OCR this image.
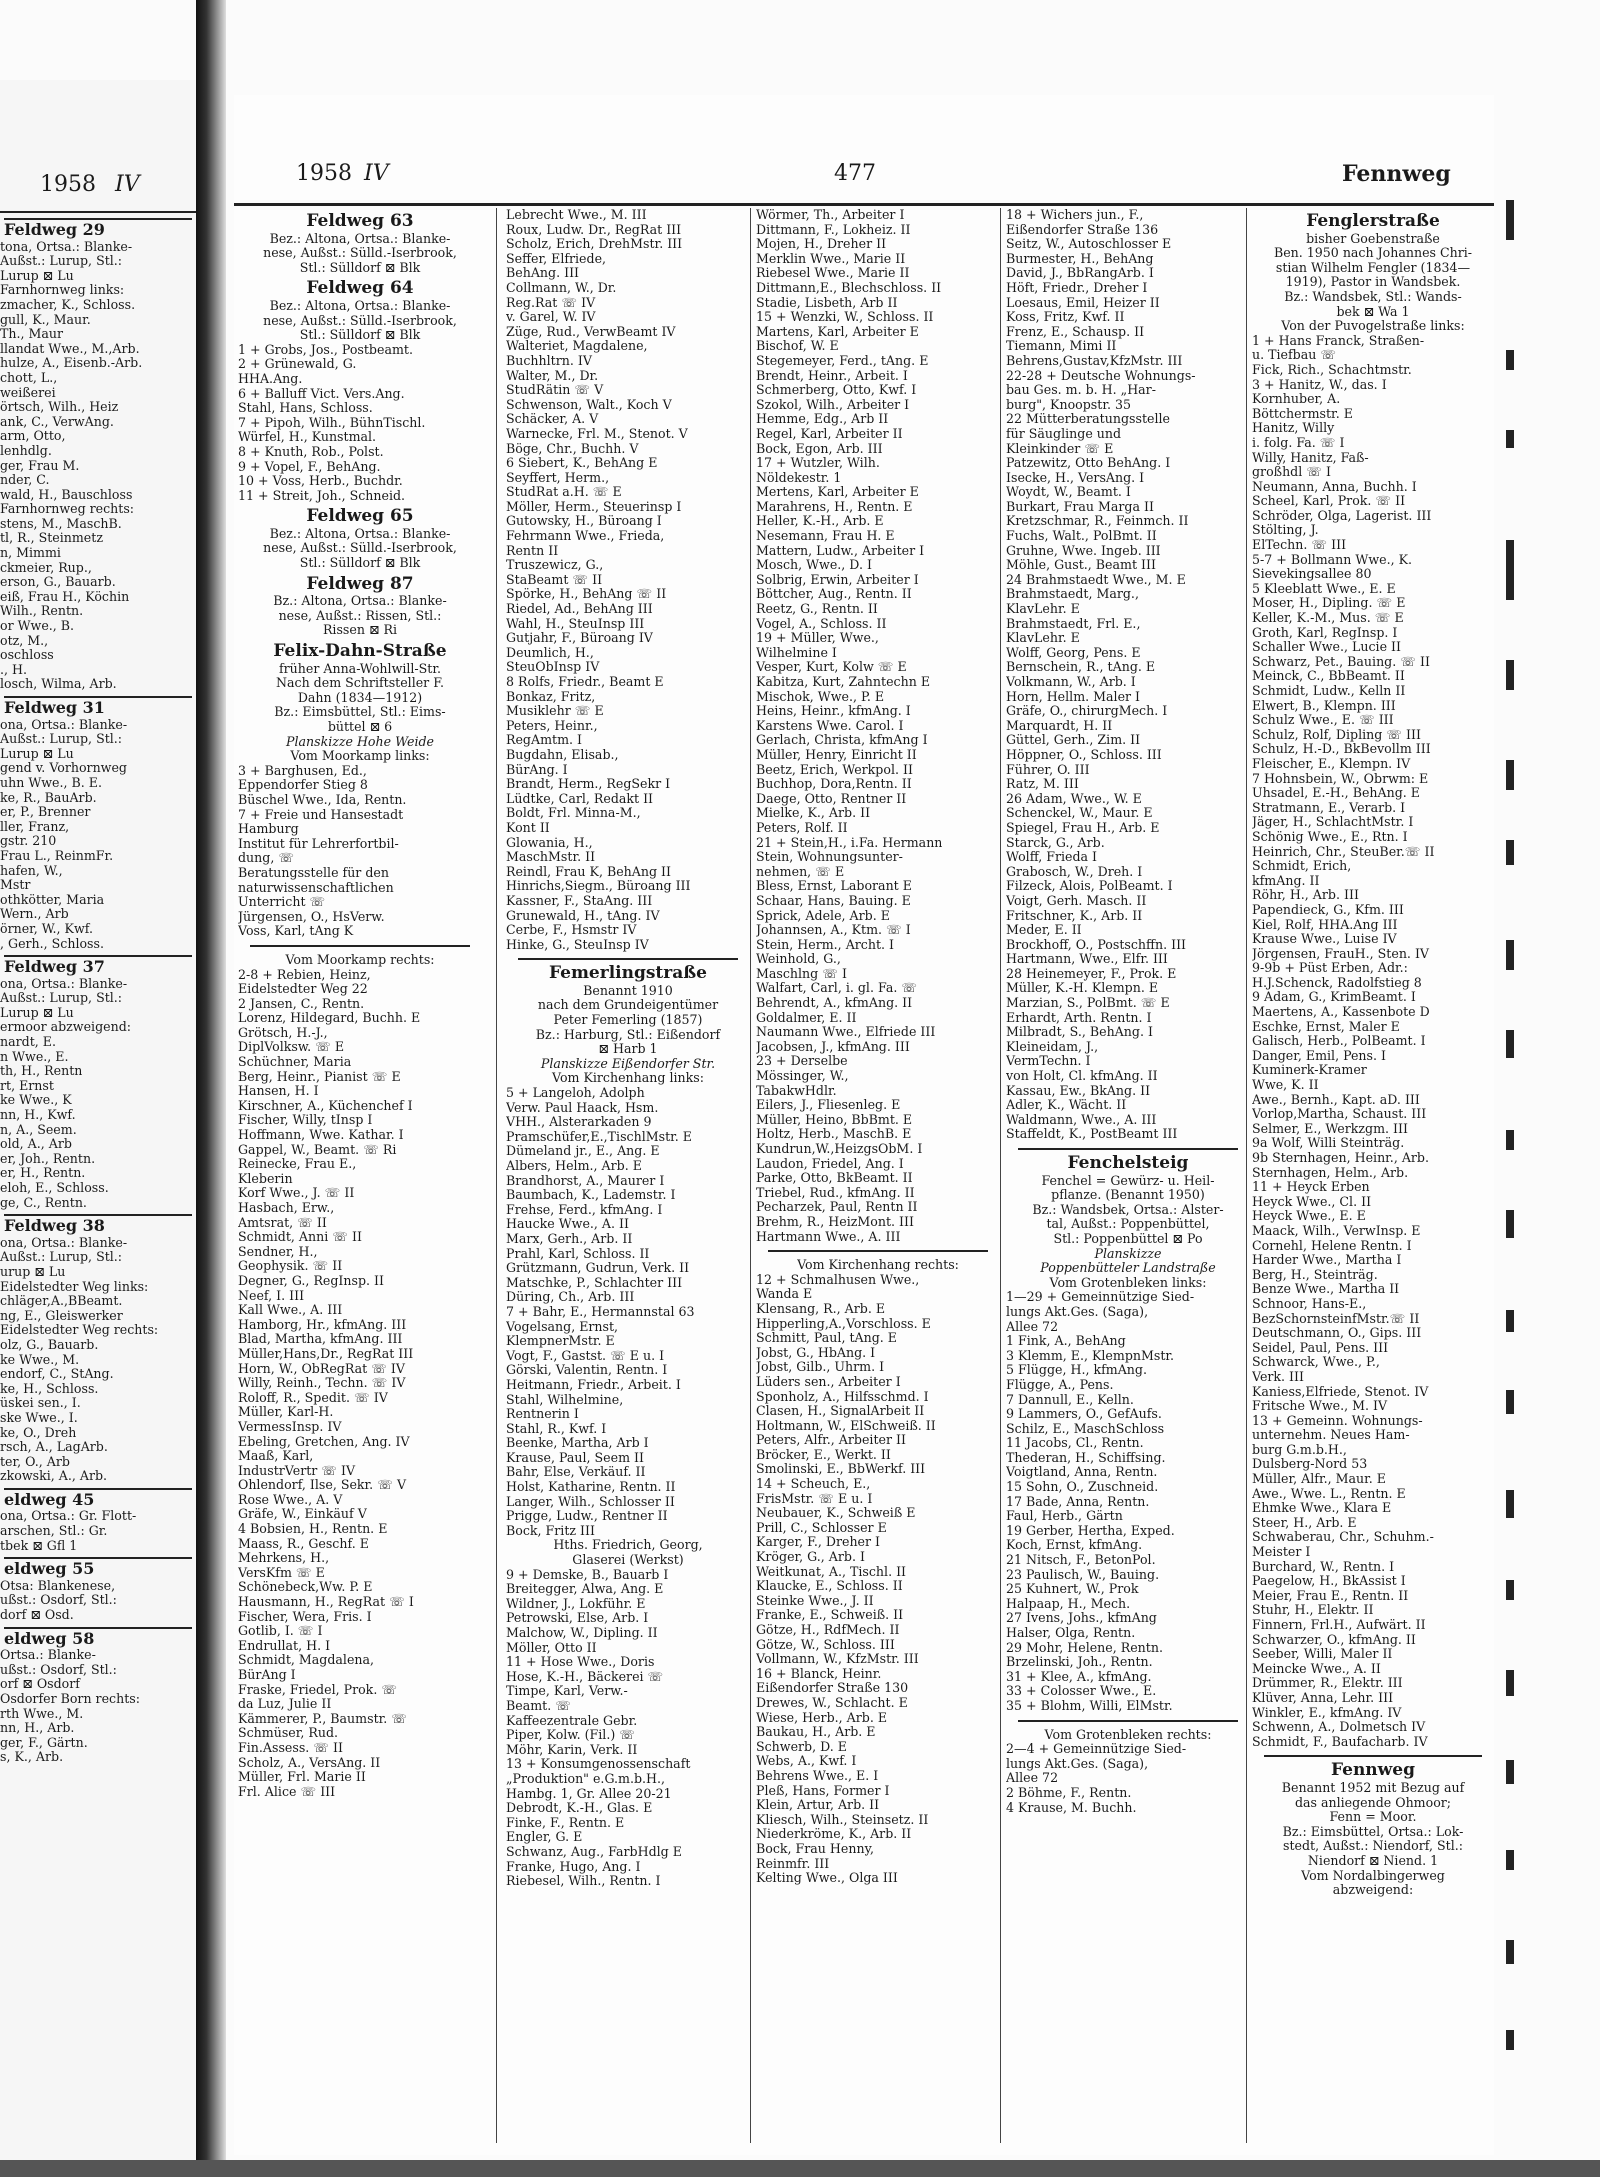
1958 IV
Feldweg 29
tona, Ortsa.: Blanke-
Außst.: Lurup, Stl.:
Lurup ⊠ Lu
Farnhornweg links:
zmacher, K., Schloss.
gull, K., Maur.
Th., Maur
llandat Wwe., M.,Arb.
hulze, A., Eisenb.-Arb.
chott, L.,
weißerei
örtsch, Wilh., Heiz
ank, C., VerwAng.
arm, Otto,
lenhdlg.
ger, Frau M.
nder, C.
wald, H., Bauschloss
Farnhornweg rechts:
stens, M., MaschB.
tl, R., Steinmetz
n, Mimmi
ckmeier, Rup.,
erson, G., Bauarb.
eiß, Frau H., Köchin
Wilh., Rentn.
or Wwe., B.
otz, M.,
oschloss
., H.
losch, Wilma, Arb.
Feldweg 31
ona, Ortsa.: Blanke-
Außst.: Lurup, Stl.:
Lurup ⊠ Lu
gend v. Vorhornweg
uhn Wwe., B. E.
ke, R., BauArb.
er, P., Brenner
ller, Franz,
gstr. 210
Frau L., ReinmFr.
hafen, W.,
Mstr
othkötter, Maria
Wern., Arb
örner, W., Kwf.
, Gerh., Schloss.
Feldweg 37
ona, Ortsa.: Blanke-
Außst.: Lurup, Stl.:
Lurup ⊠ Lu
ermoor abzweigend:
nardt, E.
n Wwe., E.
th, H., Rentn
rt, Ernst
ke Wwe., K
nn, H., Kwf.
n, A., Seem.
old, A., Arb
er, Joh., Rentn.
er, H., Rentn.
eloh, E., Schloss.
ge, C., Rentn.
Feldweg 38
ona, Ortsa.: Blanke-
Außst.: Lurup, Stl.:
urup ⊠ Lu
Eidelstedter Weg links:
chläger,A.,BBeamt.
ng, E., Gleiswerker
Eidelstedter Weg rechts:
olz, G., Bauarb.
ke Wwe., M.
endorf, C., StAng.
ke, H., Schloss.
üskei sen., I.
ske Wwe., I.
ke, O., Dreh
rsch, A., LagArb.
ter, O., Arb
zkowski, A., Arb.
eldweg 45
ona, Ortsa.: Gr. Flott-
arschen, Stl.: Gr.
tbek ⊠ Gfl 1
eldweg 55
Otsa: Blankenese,
ußst.: Osdorf, Stl.:
dorf ⊠ Osd.
eldweg 58
Ortsa.: Blanke-
ußst.: Osdorf, Stl.:
orf ⊠ Osdorf
Osdorfer Born rechts:
rth Wwe., M.
nn, H., Arb.
ger, F., Gärtn.
s, K., Arb.
1958 IV	477	Fennweg
Feldweg 63
Bez.: Altona, Ortsa.: Blanke-
nese, Außst.: Sülld.-Iserbrook,
Stl.: Sülldorf ⊠ Blk
Feldweg 64
Bez.: Altona, Ortsa.: Blanke-
nese, Außst.: Sülld.-Iserbrook,
Stl.: Sülldorf ⊠ Blk
1 + Grobs, Jos., Postbeamt.
2 + Grünewald, G.
HHA.Ang.
6 + Balluff Vict. Vers.Ang.
Stahl, Hans, Schloss.
7 + Pipoh, Wilh., BühnTischl.
Würfel, H., Kunstmal.
8 + Knuth, Rob., Polst.
9 + Vopel, F., BehAng.
10 + Voss, Herb., Buchdr.
11 + Streit, Joh., Schneid.
Feldweg 65
Bez.: Altona, Ortsa.: Blanke-
nese, Außst.: Sülld.-Iserbrook,
Stl.: Sülldorf ⊠ Blk
Feldweg 87
Bz.: Altona, Ortsa.: Blanke-
nese, Außst.: Rissen, Stl.:
Rissen ⊠ Ri
Felix-Dahn-Straße
früher Anna-Wohlwill-Str.
Nach dem Schriftsteller F.
Dahn (1834—1912)
Bz.: Eimsbüttel, Stl.: Eims-
büttel ⊠ 6
Planskizze Hohe Weide
Vom Moorkamp links:
3 + Barghusen, Ed.,
Eppendorfer Stieg 8
Büschel Wwe., Ida, Rentn.
7 + Freie und Hansestadt
Hamburg
Institut für Lehrerfortbil-
dung, ☏
Beratungsstelle für den
naturwissenschaftlichen
Unterricht ☏
Jürgensen, O., HsVerw.
Voss, Karl, tAng K
Vom Moorkamp rechts:
2-8 + Rebien, Heinz,
Eidelstedter Weg 22
2 Jansen, C., Rentn.
Lorenz, Hildegard, Buchh. E
Grötsch, H.-J.,
DiplVolksw. ☏ E
Schüchner, Maria
Berg, Heinr., Pianist ☏ E
Hansen, H. I
Kirschner, A., Küchenchef I
Fischer, Willy, tInsp I
Hoffmann, Wwe. Kathar. I
Gappel, W., Beamt. ☏ Ri
Reinecke, Frau E.,
Kleberin
Korf Wwe., J. ☏ II
Hasbach, Erw.,
Amtsrat, ☏ II
Schmidt, Anni ☏ II
Sendner, H.,
Geophysik. ☏ II
Degner, G., RegInsp. II
Neef, I. III
Kall Wwe., A. III
Hamborg, Hr., kfmAng. III
Blad, Martha, kfmAng. III
Müller,Hans,Dr., RegRat III
Horn, W., ObRegRat ☏ IV
Willy, Reinh., Techn. ☏ IV
Roloff, R., Spedit. ☏ IV
Müller, Karl-H.
VermessInsp. IV
Ebeling, Gretchen, Ang. IV
Maaß, Karl,
IndustrVertr ☏ IV
Ohlendorf, Ilse, Sekr. ☏ V
Rose Wwe., A. V
Gräfe, W., Einkäuf V
4 Bobsien, H., Rentn. E
Maass, R., Geschf. E
Mehrkens, H.,
VersKfm ☏ E
Schönebeck,Ww. P. E
Hausmann, H., RegRat ☏ I
Fischer, Wera, Fris. I
Gotlib, I. ☏ I
Endrullat, H. I
Schmidt, Magdalena,
BürAng I
Fraske, Friedel, Prok. ☏
da Luz, Julie II
Kämmerer, P., Baumstr. ☏
Schmüser, Rud.
Fin.Assess. ☏ II
Scholz, A., VersAng. II
Müller, Frl. Marie II
Frl. Alice ☏ III
Lebrecht Wwe., M. III
Roux, Ludw. Dr., RegRat III
Scholz, Erich, DrehMstr. III
Seffer, Elfriede,
BehAng. III
Collmann, W., Dr.
Reg.Rat ☏ IV
v. Garel, W. IV
Züge, Rud., VerwBeamt IV
Walteriet, Magdalene,
Buchhltrn. IV
Walter, M., Dr.
StudRätin ☏ V
Schwenson, Walt., Koch V
Schäcker, A. V
Warnecke, Frl. M., Stenot. V
Böge, Chr., Buchh. V
6 Siebert, K., BehAng E
Seyffert, Herm.,
StudRat a.H. ☏ E
Möller, Herm., Steuerinsp I
Gutowsky, H., Büroang I
Fehrmann Wwe., Frieda,
Rentn II
Truszewicz, G.,
StaBeamt ☏ II
Spörke, H., BehAng ☏ II
Riedel, Ad., BehAng III
Wahl, H., SteuInsp III
Gutjahr, F., Büroang IV
Deumlich, H.,
SteuObInsp IV
8 Rolfs, Friedr., Beamt E
Bonkaz, Fritz,
Musiklehr ☏ E
Peters, Heinr.,
RegAmtm. I
Bugdahn, Elisab.,
BürAng. I
Brandt, Herm., RegSekr I
Lüdtke, Carl, Redakt II
Boldt, Frl. Minna-M.,
Kont II
Glowania, H.,
MaschMstr. II
Reindl, Frau K, BehAng II
Hinrichs,Siegm., Büroang III
Kassner, F., StaAng. III
Grunewald, H., tAng. IV
Cerbe, F., Hsmstr IV
Hinke, G., SteuInsp IV
Femerlingstraße
Benannt 1910
nach dem Grundeigentümer
Peter Femerling (1857)
Bz.: Harburg, Stl.: Eißendorf
⊠ Harb 1
Planskizze Eißendorfer Str.
Vom Kirchenhang links:
5 + Langeloh, Adolph
Verw. Paul Haack, Hsm.
VHH., Alsterarkaden 9
Pramschüfer,E.,TischlMstr. E
Dümeland jr., E., Ang. E
Albers, Helm., Arb. E
Brandhorst, A., Maurer I
Baumbach, K., Lademstr. I
Frehse, Ferd., kfmAng. I
Haucke Wwe., A. II
Marx, Gerh., Arb. II
Prahl, Karl, Schloss. II
Grützmann, Gudrun, Verk. II
Matschke, P., Schlachter III
Düring, Ch., Arb. III
7 + Bahr, E., Hermannstal 63
Vogelsang, Ernst,
KlempnerMstr. E
Vogt, F., Gastst. ☏ E u. I
Görski, Valentin, Rentn. I
Heitmann, Friedr., Arbeit. I
Stahl, Wilhelmine,
Rentnerin I
Stahl, R., Kwf. I
Beenke, Martha, Arb I
Krause, Paul, Seem II
Bahr, Else, Verkäuf. II
Holst, Katharine, Rentn. II
Langer, Wilh., Schlosser II
Prigge, Ludw., Rentner II
Bock, Fritz III
Hths. Friedrich, Georg,
Glaserei (Werkst)
9 + Demske, B., Bauarb I
Breitegger, Alwa, Ang. E
Wildner, J., Lokführ. E
Petrowski, Else, Arb. I
Malchow, W., Dipling. II
Möller, Otto II
11 + Hose Wwe., Doris
Hose, K.-H., Bäckerei ☏
Timpe, Karl, Verw.-
Beamt. ☏
Kaffeezentrale Gebr.
Piper, Kolw. (Fil.) ☏
Möhr, Karin, Verk. II
13 + Konsumgenossenschaft
„Produktion" e.G.m.b.H.,
Hambg. 1, Gr. Allee 20-21
Debrodt, K.-H., Glas. E
Finke, F., Rentn. E
Engler, G. E
Schwanz, Aug., FarbHdlg E
Franke, Hugo, Ang. I
Riebesel, Wilh., Rentn. I
Wörmer, Th., Arbeiter I
Dittmann, F., Lokheiz. II
Mojen, H., Dreher II
Merklin Wwe., Marie II
Riebesel Wwe., Marie II
Dittmann,E., Blechschloss. II
Stadie, Lisbeth, Arb II
15 + Wenzki, W., Schloss. II
Martens, Karl, Arbeiter E
Bischof, W. E
Stegemeyer, Ferd., tAng. E
Brendt, Heinr., Arbeit. I
Schmerberg, Otto, Kwf. I
Szokol, Wilh., Arbeiter I
Hemme, Edg., Arb II
Regel, Karl, Arbeiter II
Bock, Egon, Arb. III
17 + Wutzler, Wilh.
Nöldekestr. 1
Mertens, Karl, Arbeiter E
Marahrens, H., Rentn. E
Heller, K.-H., Arb. E
Nesemann, Frau H. E
Mattern, Ludw., Arbeiter I
Mosch, Wwe., D. I
Solbrig, Erwin, Arbeiter I
Böttcher, Aug., Rentn. II
Reetz, G., Rentn. II
Vogel, A., Schloss. II
19 + Müller, Wwe.,
Wilhelmine I
Vesper, Kurt, Kolw ☏ E
Kabitza, Kurt, Zahntechn E
Mischok, Wwe., P. E
Heins, Heinr., kfmAng. I
Karstens Wwe. Carol. I
Gerlach, Christa, kfmAng I
Müller, Henry, Einricht II
Beetz, Erich, Werkpol. II
Buchhop, Dora,Rentn. II
Daege, Otto, Rentner II
Mielke, K., Arb. II
Peters, Rolf. II
21 + Stein,H., i.Fa. Hermann
Stein, Wohnungsunter-
nehmen, ☏ E
Bless, Ernst, Laborant E
Schaar, Hans, Bauing. E
Sprick, Adele, Arb. E
Johannsen, A., Ktm. ☏ I
Stein, Herm., Archt. I
Weinhold, G.,
Maschlng ☏ I
Walfart, Carl, i. gl. Fa. ☏
Behrendt, A., kfmAng. II
Goldalmer, E. II
Naumann Wwe., Elfriede III
Jacobsen, J., kfmAng. III
23 + Derselbe
Mössinger, W.,
TabakwHdlr.
Eilers, J., Fliesenleg. E
Müller, Heino, BbBmt. E
Holtz, Herb., MaschB. E
Kundrun,W.,HeizgsObM. I
Laudon, Friedel, Ang. I
Parke, Otto, BkBeamt. II
Triebel, Rud., kfmAng. II
Pecharzek, Paul, Rentn II
Brehm, R., HeizMont. III
Hartmann Wwe., A. III
Vom Kirchenhang rechts:
12 + Schmalhusen Wwe.,
Wanda E
Klensang, R., Arb. E
Hipperling,A.,Vorschloss. E
Schmitt, Paul, tAng. E
Jobst, G., HbAng. I
Jobst, Gilb., Uhrm. I
Lüders sen., Arbeiter I
Sponholz, A., Hilfsschmd. I
Clasen, H., SignalArbeit II
Holtmann, W., ElSchweiß. II
Peters, Alfr., Arbeiter II
Bröcker, E., Werkt. II
Smolinski, E., BbWerkf. III
14 + Scheuch, E.,
FrisMstr. ☏ E u. I
Neubauer, K., Schweiß E
Prill, C., Schlosser E
Karger, F., Dreher I
Kröger, G., Arb. I
Weitkunat, A., Tischl. II
Klaucke, E., Schloss. II
Steinke Wwe., J. II
Franke, E., Schweiß. II
Götze, H., RdfMech. II
Götze, W., Schloss. III
Vollmann, W., KfzMstr. III
16 + Blanck, Heinr.
Eißendorfer Straße 130
Drewes, W., Schlacht. E
Wiese, Herb., Arb. E
Baukau, H., Arb. E
Schwerb, D. E
Webs, A., Kwf. I
Behrens Wwe., E. I
Pleß, Hans, Former I
Klein, Artur, Arb. II
Kliesch, Wilh., Steinsetz. II
Niederkröme, K., Arb. II
Bock, Frau Henny,
Reinmfr. III
Kelting Wwe., Olga III
18 + Wichers jun., F.,
Eißendorfer Straße 136
Seitz, W., Autoschlosser E
Burmester, H., BehAng
David, J., BbRangArb. I
Höft, Friedr., Dreher I
Loesaus, Emil, Heizer II
Koss, Fritz, Kwf. II
Frenz, E., Schausp. II
Tiemann, Mimi II
Behrens,Gustav,KfzMstr. III
22-28 + Deutsche Wohnungs-
bau Ges. m. b. H. „Har-
burg", Knoopstr. 35
22 Mütterberatungsstelle
für Säuglinge und
Kleinkinder ☏ E
Patzewitz, Otto BehAng. I
Isecke, H., VersAng. I
Woydt, W., Beamt. I
Burkart, Frau Marga II
Kretzschmar, R., Feinmch. II
Fuchs, Walt., PolBmt. II
Gruhne, Wwe. Ingeb. III
Möhle, Gust., Beamt III
24 Brahmstaedt Wwe., M. E
Brahmstaedt, Marg.,
KlavLehr. E
Brahmstaedt, Frl. E.,
KlavLehr. E
Wolff, Georg, Pens. E
Bernschein, R., tAng. E
Volkmann, W., Arb. I
Horn, Hellm. Maler I
Gräfe, O., chirurgMech. I
Marquardt, H. II
Güttel, Gerh., Zim. II
Höppner, O., Schloss. III
Führer, O. III
Ratz, M. III
26 Adam, Wwe., W. E
Schenckel, W., Maur. E
Spiegel, Frau H., Arb. E
Starck, G., Arb.
Wolff, Frieda I
Grabosch, W., Dreh. I
Filzeck, Alois, PolBeamt. I
Voigt, Gerh. Masch. II
Fritschner, K., Arb. II
Meder, E. II
Brockhoff, O., Postschffn. III
Hartmann, Wwe., Elfr. III
28 Heinemeyer, F., Prok. E
Müller, K.-H. Klempn. E
Marzian, S., PolBmt. ☏ E
Erhardt, Arth. Rentn. I
Milbradt, S., BehAng. I
Kleineidam, J.,
VermTechn. I
von Holt, Cl. kfmAng. II
Kassau, Ew., BkAng. II
Adler, K., Wächt. II
Waldmann, Wwe., A. III
Staffeldt, K., PostBeamt III
Fenchelsteig
Fenchel = Gewürz- u. Heil-
pflanze. (Benannt 1950)
Bz.: Wandsbek, Ortsa.: Alster-
tal, Außst.: Poppenbüttel,
Stl.: Poppenbüttel ⊠ Po
Planskizze
Poppenbütteler Landstraße
Vom Grotenbleken links:
1—29 + Gemeinnützige Sied-
lungs Akt.Ges. (Saga),
Allee 72
1 Fink, A., BehAng
3 Klemm, E., KlempnMstr.
5 Flügge, H., kfmAng.
Flügge, A., Pens.
7 Dannull, E., Kelln.
9 Lammers, O., GefAufs.
Schilz, E., MaschSchloss
11 Jacobs, Cl., Rentn.
Thederan, H., Schiffsing.
Voigtland, Anna, Rentn.
15 Sohn, O., Zuschneid.
17 Bade, Anna, Rentn.
Faul, Herb., Gärtn
19 Gerber, Hertha, Exped.
Koch, Ernst, kfmAng.
21 Nitsch, F., BetonPol.
23 Paulisch, W., Bauing.
25 Kuhnert, W., Prok
Halpaap, H., Mech.
27 Ivens, Johs., kfmAng
Halser, Olga, Rentn.
29 Mohr, Helene, Rentn.
Brzelinski, Joh., Rentn.
31 + Klee, A., kfmAng.
33 + Colosser Wwe., E.
35 + Blohm, Willi, ElMstr.
Vom Grotenbleken rechts:
2—4 + Gemeinnützige Sied-
lungs Akt.Ges. (Saga),
Allee 72
2 Böhme, F., Rentn.
4 Krause, M. Buchh.
Fenglerstraße
bisher Goebenstraße
Ben. 1950 nach Johannes Chri-
stian Wilhelm Fengler (1834—
1919), Pastor in Wandsbek.
Bz.: Wandsbek, Stl.: Wands-
bek ⊠ Wa 1
Von der Puvogelstraße links:
1 + Hans Franck, Straßen-
u. Tiefbau ☏
Fick, Rich., Schachtmstr.
3 + Hanitz, W., das. I
Kornhuber, A.
Böttchermstr. E
Hanitz, Willy
i. folg. Fa. ☏ I
Willy, Hanitz, Faß-
großhdl ☏ I
Neumann, Anna, Buchh. I
Scheel, Karl, Prok. ☏ II
Schröder, Olga, Lagerist. III
Stölting, J.
ElTechn. ☏ III
5-7 + Bollmann Wwe., K.
Sievekingsallee 80
5 Kleeblatt Wwe., E. E
Moser, H., Dipling. ☏ E
Keller, K.-M., Mus. ☏ E
Groth, Karl, RegInsp. I
Schaller Wwe., Lucie II
Schwarz, Pet., Bauing. ☏ II
Meinck, C., BbBeamt. II
Schmidt, Ludw., Kelln II
Elwert, B., Klempn. III
Schulz Wwe., E. ☏ III
Schulz, Rolf, Dipling ☏ III
Schulz, H.-D., BkBevollm III
Fleischer, E., Klempn. IV
7 Hohnsbein, W., Obrwm: E
Uhsadel, E.-H., BehAng. E
Stratmann, E., Verarb. I
Jäger, H., SchlachtMstr. I
Schönig Wwe., E., Rtn. I
Heinrich, Chr., SteuBer.☏ II
Schmidt, Erich,
kfmAng. II
Röhr, H., Arb. III
Papendieck, G., Kfm. III
Kiel, Rolf, HHA.Ang III
Krause Wwe., Luise IV
Jörgensen, FrauH., Sten. IV
9-9b + Püst Erben, Adr.:
H.J.Schenck, Radolfstieg 8
9 Adam, G., KrimBeamt. I
Maertens, A., Kassenbote D
Eschke, Ernst, Maler E
Galisch, Herb., PolBeamt. I
Danger, Emil, Pens. I
Kuminerk-Kramer
Wwe, K. II
Awe., Bernh., Kapt. aD. III
Vorlop,Martha, Schaust. III
Selmer, E., Werkzgm. III
9a Wolf, Willi Steinträg.
9b Sternhagen, Heinr., Arb.
Sternhagen, Helm., Arb.
11 + Heyck Erben
Heyck Wwe., Cl. II
Heyck Wwe., E. E
Maack, Wilh., VerwInsp. E
Cornehl, Helene Rentn. I
Harder Wwe., Martha I
Berg, H., Steinträg.
Benze Wwe., Martha II
Schnoor, Hans-E.,
BezSchornsteinfMstr.☏ II
Deutschmann, O., Gips. III
Seidel, Paul, Pens. III
Schwarck, Wwe., P.,
Verk. III
Kaniess,Elfriede, Stenot. IV
Fritsche Wwe., M. IV
13 + Gemeinn. Wohnungs-
unternehm. Neues Ham-
burg G.m.b.H.,
Dulsberg-Nord 53
Müller, Alfr., Maur. E
Awe., Wwe. L., Rentn. E
Ehmke Wwe., Klara E
Steer, H., Arb. E
Schwaberau, Chr., Schuhm.-
Meister I
Burchard, W., Rentn. I
Paegelow, H., BkAssist I
Meier, Frau E., Rentn. II
Stuhr, H., Elektr. II
Finnern, Frl.H., Aufwärt. II
Schwarzer, O., kfmAng. II
Seeber, Willi, Maler II
Meincke Wwe., A. II
Drümmer, R., Elektr. III
Klüver, Anna, Lehr. III
Winkler, E., kfmAng. IV
Schwenn, A., Dolmetsch IV
Schmidt, F., Baufacharb. IV
Fennweg
Benannt 1952 mit Bezug auf
das anliegende Ohmoor;
Fenn = Moor.
Bz.: Eimsbüttel, Ortsa.: Lok-
stedt, Außst.: Niendorf, Stl.:
Niendorf ⊠ Niend. 1
Vom Nordalbingerweg
abzweigend:
